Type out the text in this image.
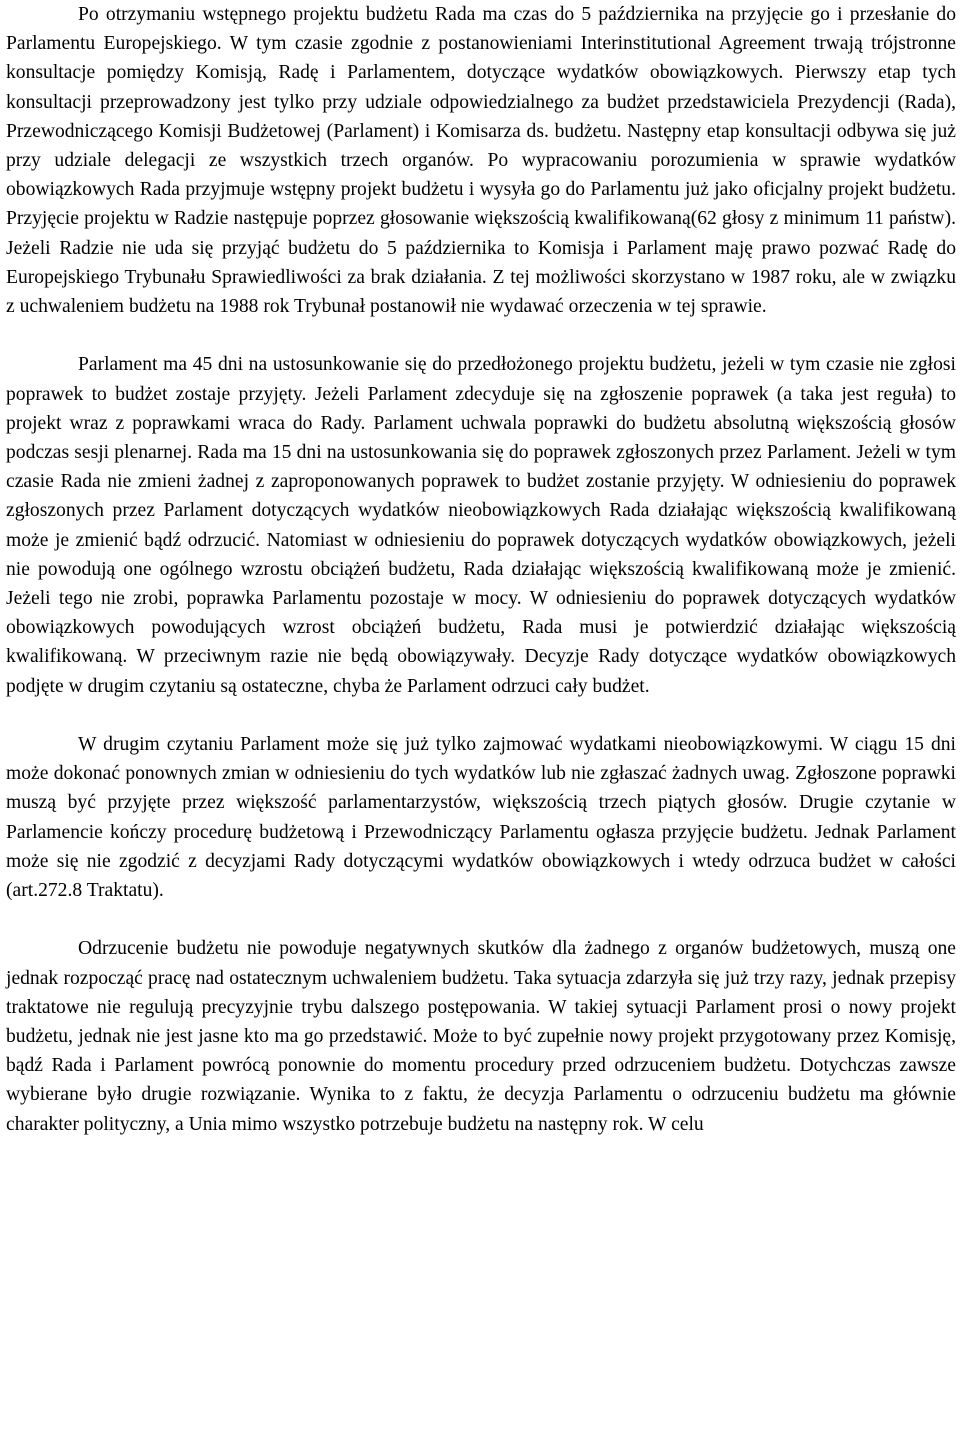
Po otrzymaniu wstępnego projektu budżetu Rada ma czas do 5 października na przyjęcie go i przesłanie do Parlamentu Europejskiego. W tym czasie zgodnie z postanowieniami Interinstitutional Agreement trwają trójstronne konsultacje pomiędzy Komisją, Radę i Parlamentem, dotyczące wydatków obowiązkowych. Pierwszy etap tych konsultacji przeprowadzony jest tylko przy udziale odpowiedzialnego za budżet przedstawiciela Prezydencji (Rada), Przewodniczącego Komisji Budżetowej (Parlament) i Komisarza ds. budżetu. Następny etap konsultacji odbywa się już przy udziale delegacji ze wszystkich trzech organów. Po wypracowaniu porozumienia w sprawie wydatków obowiązkowych Rada przyjmuje wstępny projekt budżetu i wysyła go do Parlamentu już jako oficjalny projekt budżetu. Przyjęcie projektu w Radzie następuje poprzez głosowanie większością kwalifikowaną(62 głosy z minimum 11 państw). Jeżeli Radzie nie uda się przyjąć budżetu do 5 października to Komisja i Parlament maję prawo pozwać Radę do Europejskiego Trybunału Sprawiedliwości za brak działania. Z tej możliwości skorzystano w 1987 roku, ale w związku z uchwaleniem budżetu na 1988 rok Trybunał postanowił nie wydawać orzeczenia w tej sprawie.

Parlament ma 45 dni na ustosunkowanie się do przedłożonego projektu budżetu, jeżeli w tym czasie nie zgłosi poprawek to budżet zostaje przyjęty. Jeżeli Parlament zdecyduje się na zgłoszenie poprawek (a taka jest reguła) to projekt wraz z poprawkami wraca do Rady. Parlament uchwala poprawki do budżetu absolutną większością głosów podczas sesji plenarnej. Rada ma 15 dni na ustosunkowania się do poprawek zgłoszonych przez Parlament. Jeżeli w tym czasie Rada nie zmieni żadnej z zaproponowanych poprawek to budżet zostanie przyjęty. W odniesieniu do poprawek zgłoszonych przez Parlament dotyczących wydatków nieobowiązkowych Rada działając większością kwalifikowaną może je zmienić bądź odrzucić. Natomiast w odniesieniu do poprawek dotyczących wydatków obowiązkowych, jeżeli nie powodują one ogólnego wzrostu obciążeń budżetu, Rada działając większością kwalifikowaną może je zmienić. Jeżeli tego nie zrobi, poprawka Parlamentu pozostaje w mocy. W odniesieniu do poprawek dotyczących wydatków obowiązkowych powodujących wzrost obciążeń budżetu, Rada musi je potwierdzić działając większością kwalifikowaną. W przeciwnym razie nie będą obowiązywały. Decyzje Rady dotyczące wydatków obowiązkowych podjęte w drugim czytaniu są ostateczne, chyba że Parlament odrzuci cały budżet.

W drugim czytaniu Parlament może się już tylko zajmować wydatkami nieobowiązkowymi. W ciągu 15 dni może dokonać ponownych zmian w odniesieniu do tych wydatków lub nie zgłaszać żadnych uwag. Zgłoszone poprawki muszą być przyjęte przez większość parlamentarzystów, większością trzech piątych głosów. Drugie czytanie w Parlamencie kończy procedurę budżetową i Przewodniczący Parlamentu ogłasza przyjęcie budżetu. Jednak Parlament może się nie zgodzić z decyzjami Rady dotyczącymi wydatków obowiązkowych i wtedy odrzuca budżet w całości (art.272.8 Traktatu).

Odrzucenie budżetu nie powoduje negatywnych skutków dla żadnego z organów budżetowych, muszą one jednak rozpocząć pracę nad ostatecznym uchwaleniem budżetu. Taka sytuacja zdarzyła się już trzy razy, jednak przepisy traktatowe nie regulują precyzyjnie trybu dalszego postępowania. W takiej sytuacji Parlament prosi o nowy projekt budżetu, jednak nie jest jasne kto ma go przedstawić. Może to być zupełnie nowy projekt przygotowany przez Komisję, bądź Rada i Parlament powrócą ponownie do momentu procedury przed odrzuceniem budżetu. Dotychczas zawsze wybierane było drugie rozwiązanie. Wynika to z faktu, że decyzja Parlamentu o odrzuceniu budżetu ma głównie charakter polityczny, a Unia mimo wszystko potrzebuje budżetu na następny rok. W celu
